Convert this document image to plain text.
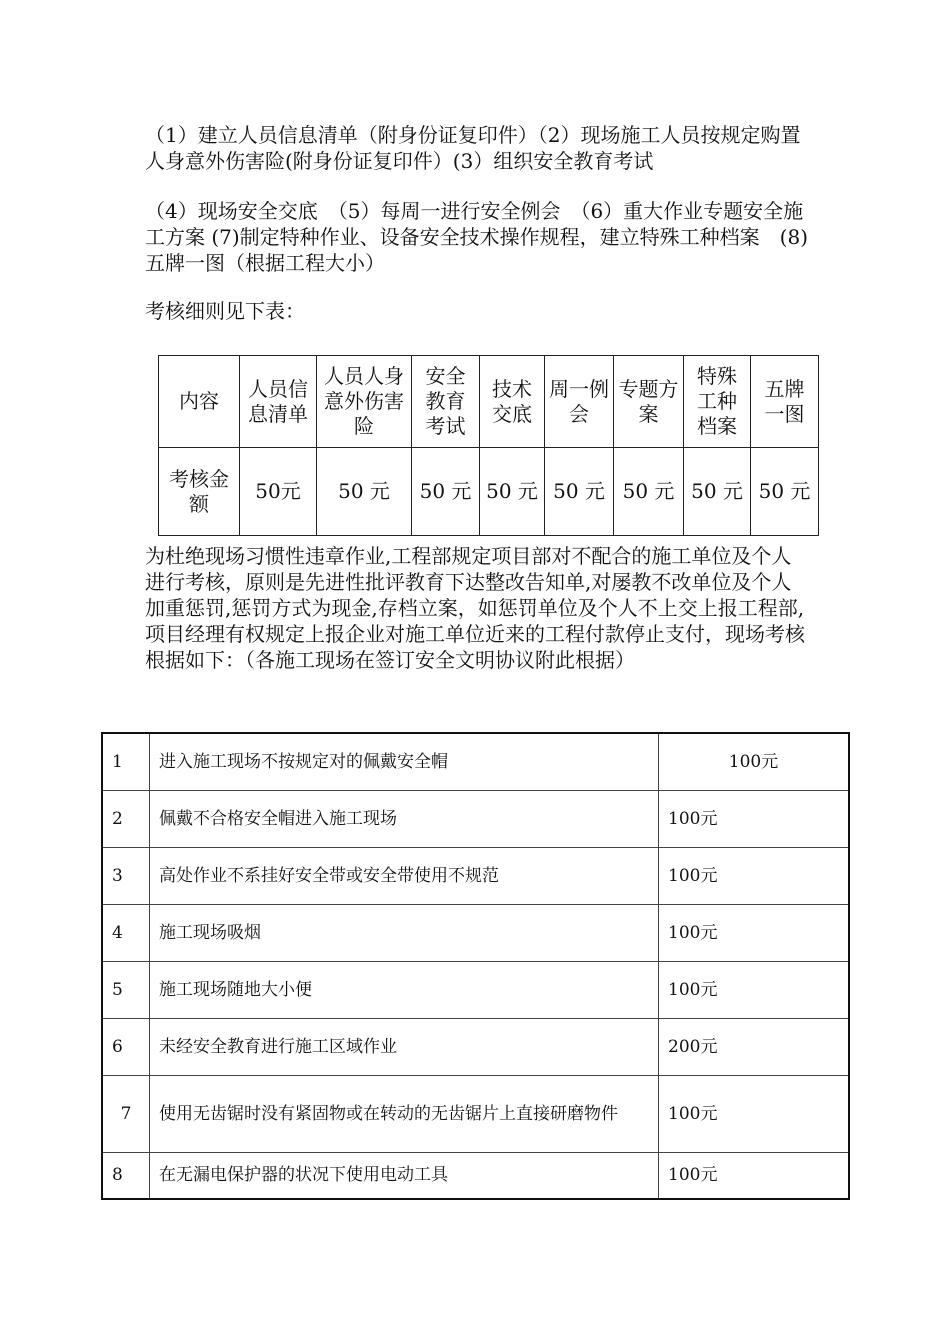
（1）建立人员信息清单（附身份证复印件）（2）现场施工人员按规定购置人身意外伤害险(附身份证复印件）(3）组织安全教育考试

（4）现场安全交底　（5）每周一进行安全例会　（6）重大作业专题安全施工方案 (7)制定特种作业、设备安全技术操作规程，建立特殊工种档案　(8)五牌一图（根据工程大小）

考核细则见下表：

内容	人员信息清单	人员人身意外伤害险	安全教育考试	技术交底	周一例会	专题方案	特殊工种档案	五牌一图
考核金额	50元	50 元	50 元	50 元	50 元	50 元	50 元	50 元

为杜绝现场习惯性违章作业,工程部规定项目部对不配合的施工单位及个人进行考核，原则是先进性批评教育下达整改告知单,对屡教不改单位及个人加重惩罚,惩罚方式为现金,存档立案，如惩罚单位及个人不上交上报工程部,项目经理有权规定上报企业对施工单位近来的工程付款停止支付，现场考核根据如下：（各施工现场在签订安全文明协议附此根据）

1	进入施工现场不按规定对的佩戴安全帽	100元
2	佩戴不合格安全帽进入施工现场	100元
3	高处作业不系挂好安全带或安全带使用不规范	100元
4	施工现场吸烟	100元
5	施工现场随地大小便	100元
6	未经安全教育进行施工区域作业	200元
7	使用无齿锯时没有紧固物或在转动的无齿锯片上直接研磨物件	100元
8	在无漏电保护器的状况下使用电动工具	100元
